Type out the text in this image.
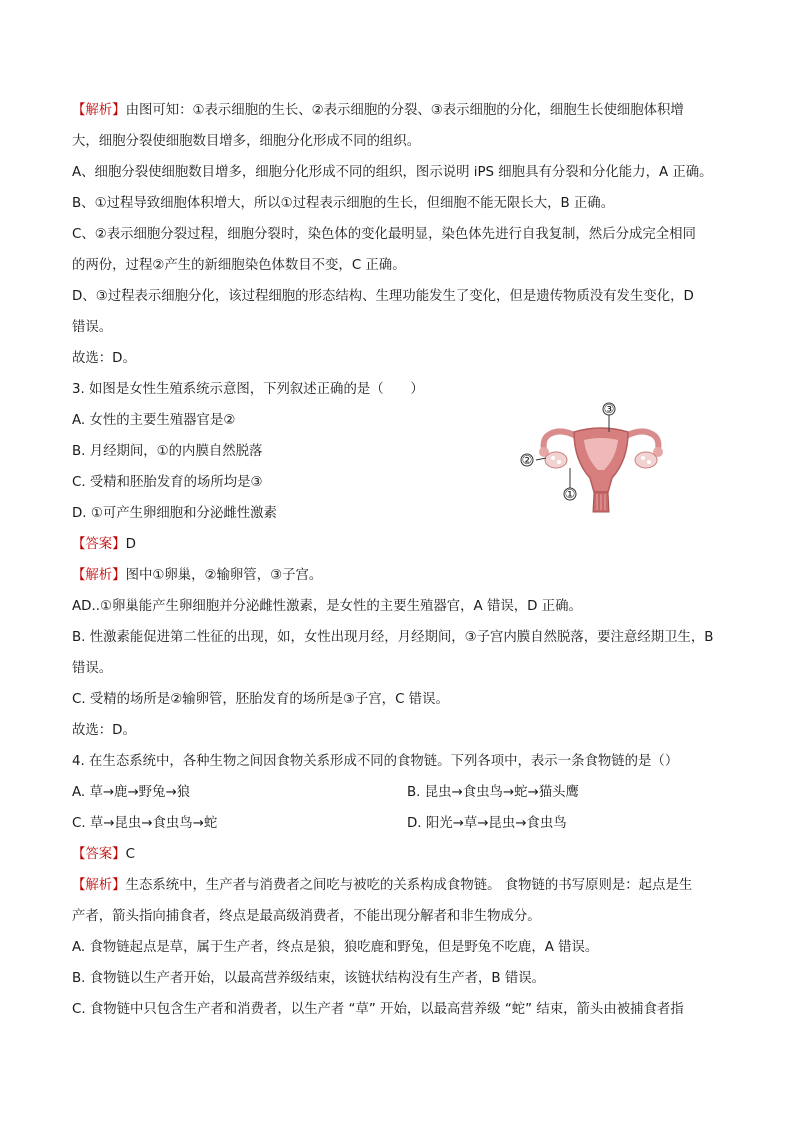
【解析】由图可知：①表示细胞的生长、②表示细胞的分裂、③表示细胞的分化，细胞生长使细胞体积增

大，细胞分裂使细胞数目增多，细胞分化形成不同的组织。

A、细胞分裂使细胞数目增多，细胞分化形成不同的组织，图示说明 iPS 细胞具有分裂和分化能力，A 正确。

B、①过程导致细胞体积增大，所以①过程表示细胞的生长，但细胞不能无限长大，B 正确。

C、②表示细胞分裂过程，细胞分裂时，染色体的变化最明显，染色体先进行自我复制，然后分成完全相同

的两份，过程②产生的新细胞染色体数目不变，C 正确。

D、③过程表示细胞分化，该过程细胞的形态结构、生理功能发生了变化，但是遗传物质没有发生变化，D

错误。

故选：D。

3. 如图是女性生殖系统示意图，下列叙述正确的是（　　）

A. 女性的主要生殖器官是②

B. 月经期间，①的内膜自然脱落

C. 受精和胚胎发育的场所均是③

D. ①可产生卵细胞和分泌雌性激素

【答案】D

【解析】图中①卵巢，②输卵管，③子宫。

AD..①卵巢能产生卵细胞并分泌雌性激素，是女性的主要生殖器官，A 错误，D 正确。

B. 性激素能促进第二性征的出现，如，女性出现月经，月经期间，③子宫内膜自然脱落，要注意经期卫生，B

错误。

C. 受精的场所是②输卵管，胚胎发育的场所是③子宫，C 错误。

故选：D。

4. 在生态系统中，各种生物之间因食物关系形成不同的食物链。下列各项中，表示一条食物链的是（）

A. 草→鹿→野兔→狼	B. 昆虫→食虫鸟→蛇→猫头鹰
C. 草→昆虫→食虫鸟→蛇	D. 阳光→草→昆虫→食虫鸟

【答案】C

【解析】生态系统中，生产者与消费者之间吃与被吃的关系构成食物链。 食物链的书写原则是：起点是生

产者，箭头指向捕食者，终点是最高级消费者，不能出现分解者和非生物成分。

A. 食物链起点是草，属于生产者，终点是狼，狼吃鹿和野兔，但是野兔不吃鹿，A 错误。

B. 食物链以生产者开始，以最高营养级结束，该链状结构没有生产者，B 错误。

C. 食物链中只包含生产者和消费者，以生产者 “草” 开始，以最高营养级 “蛇” 结束，箭头由被捕食者指

③
②
①
